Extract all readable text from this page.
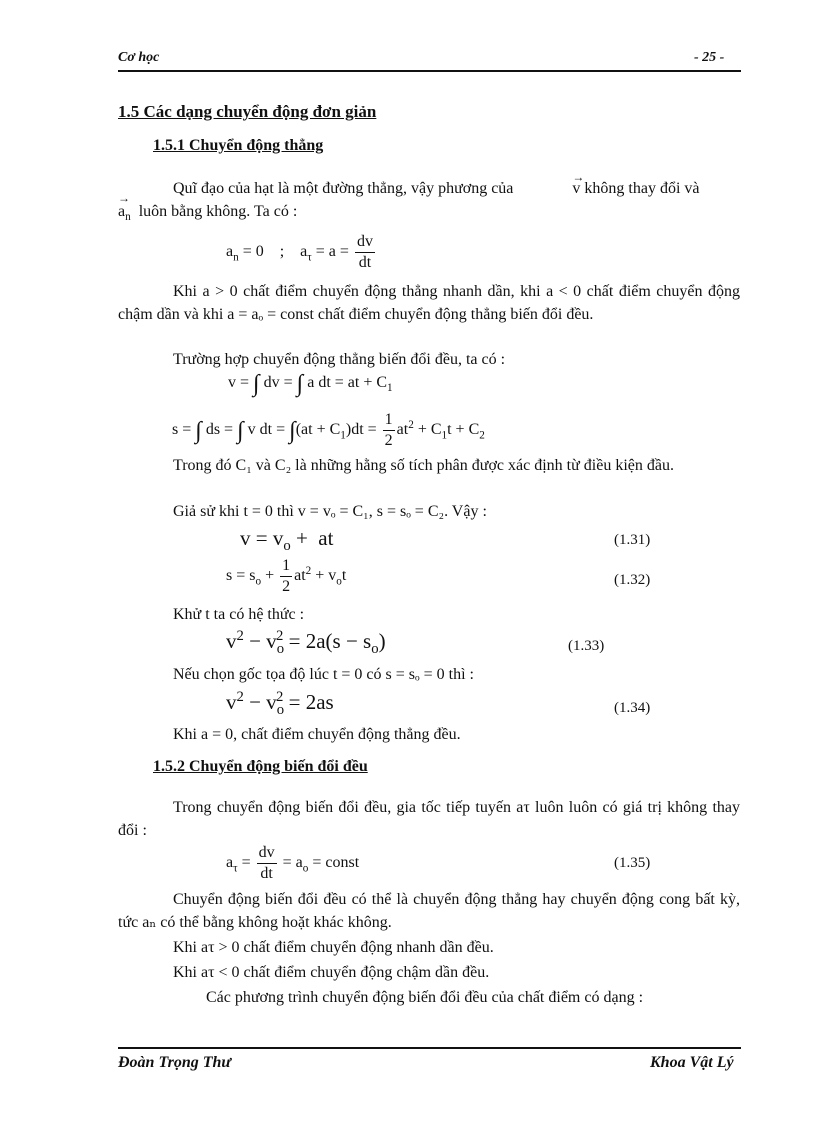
Cơ học	- 25 -
1.5 Các dạng chuyển động đơn giản
1.5.1 Chuyển động thẳng
Quĩ đạo của hạt là một đường thẳng, vậy phương của →	v không thay đổi và
→ $a_n$ luôn bằng không. Ta có :
$a_n = 0$    ;    $a_\tau = a = \frac{dv}{dt}$
Khi a > 0 chất điểm chuyển động thẳng nhanh dần, khi a < 0 chất điểm chuyển động chậm dần và khi a = aₒ = const chất điểm chuyển động thẳng biến đổi đều.
Trường hợp chuyển động thẳng biến đổi đều, ta có :
v = ∫ dv = ∫ a dt = at + $C_1$
s = ∫ ds = ∫ v dt = $\int(at + C_1)dt = \frac{1}{2} at^2 + C_1t + C_2$
Trong đó C₁ và C₂ là những hằng số tích phân được xác định từ điều kiện đầu.
Giả sử khi t = 0 thì v = vₒ = C₁, s = sₒ = C₂. Vậy :
$v = v_o$ +  at	(1.31)
$s = s_o + \frac{1}{2} at^2 + v_ot$	(1.32)
Khử t ta có hệ thức :
$v^2 - v_o^2 = 2a(s - s_o)$	(1.33)
Nếu chọn gốc tọa độ lúc t = 0 có s = sₒ = 0 thì :
$v^2 - v_o^2 = 2as$	(1.34)
Khi a = 0, chất điểm chuyển động thẳng đều.
1.5.2 Chuyển động biến đổi đều
Trong chuyển động biến đổi đều, gia tốc tiếp tuyến aτ luôn luôn có giá trị không thay đổi :
$a_\tau = \frac{dv}{dt} = a_o$ = const	(1.35)
Chuyển động biến đổi đều có thể là chuyển động thẳng hay chuyển động cong bất kỳ, tức aₙ có thể bằng không hoặt khác không.
Khi aτ > 0 chất điểm chuyển động nhanh dần đều.
Khi aτ < 0 chất điểm chuyển động chậm dần đều.
Các phương trình chuyển động biến đổi đều của chất điểm có dạng :
Đoàn Trọng Thư	Khoa Vật Lý
